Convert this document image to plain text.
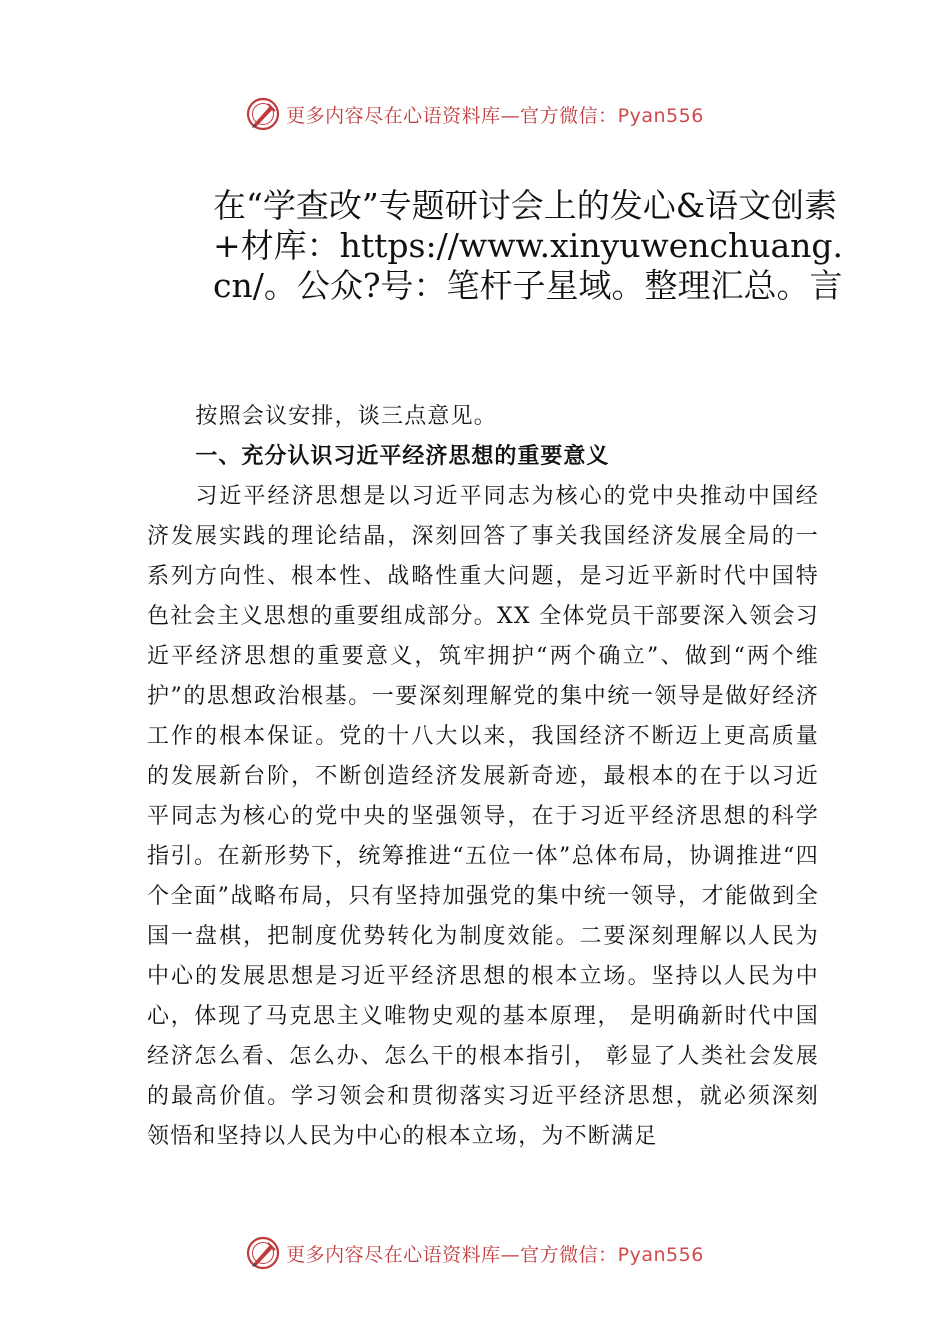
更多内容尽在心语资料库—官方微信：Pyan556
在“学查改”专题研讨会上的发心&语文创素+材库：https://www.xinyuwenchuang.cn/。公众?号：笔杆子星域。整理汇总。言

按照会议安排，谈三点意见。

一、充分认识习近平经济思想的重要意义

习近平经济思想是以习近平同志为核心的党中央推动中国经济发展实践的理论结晶，深刻回答了事关我国经济发展全局的一系列方向性、根本性、战略性重大问题，是习近平新时代中国特色社会主义思想的重要组成部分。XX 全体党员干部要深入领会习近平经济思想的重要意义，筑牢拥护“两个确立”、做到“两个维护”的思想政治根基。一要深刻理解党的集中统一领导是做好经济工作的根本保证。党的十八大以来，我国经济不断迈上更高质量的发展新台阶，不断创造经济发展新奇迹，最根本的在于以习近平同志为核心的党中央的坚强领导，在于习近平经济思想的科学指引。在新形势下，统筹推进“五位一体”总体布局，协调推进“四个全面”战略布局，只有坚持加强党的集中统一领导，才能做到全国一盘棋，把制度优势转化为制度效能。二要深刻理解以人民为中心的发展思想是习近平经济思想的根本立场。坚持以人民为中心，体现了马克思主义唯物史观的基本原理， 是明确新时代中国经济怎么看、怎么办、怎么干的根本指引， 彰显了人类社会发展的最高价值。学习领会和贯彻落实习近平经济思想，就必须深刻领悟和坚持以人民为中心的根本立场，为不断满足

更多内容尽在心语资料库—官方微信：Pyan556
